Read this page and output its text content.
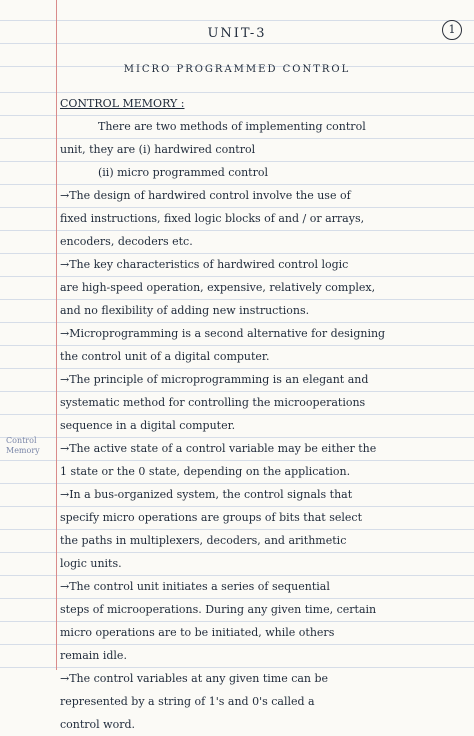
1
UNIT-3
MICRO PROGRAMMED CONTROL
Control Memory
CONTROL MEMORY :
There are two methods of implementing control
unit, they are (i) hardwired control
(ii) micro programmed control
→The design of hardwired control involve the use of
fixed instructions, fixed logic blocks of and / or arrays,
encoders, decoders etc.
→The key characteristics of hardwired control logic
are high-speed operation, expensive, relatively complex,
and no flexibility of adding new instructions.
→Microprogramming is a second alternative for designing
the control unit of a digital computer.
→The principle of microprogramming is an elegant and
systematic method for controlling the microoperations
sequence in a digital computer.
→The active state of a control variable may be either the
1 state or the 0 state, depending on the application.
→In a bus-organized system, the control signals that
specify micro operations are groups of bits that select
the paths in multiplexers, decoders, and arithmetic
logic units.
→The control unit initiates a series of sequential
steps of microoperations. During any given time, certain
micro operations are to be initiated, while others
remain idle.
→The control variables at any given time can be
represented by a string of 1's and 0's called a
control word.
